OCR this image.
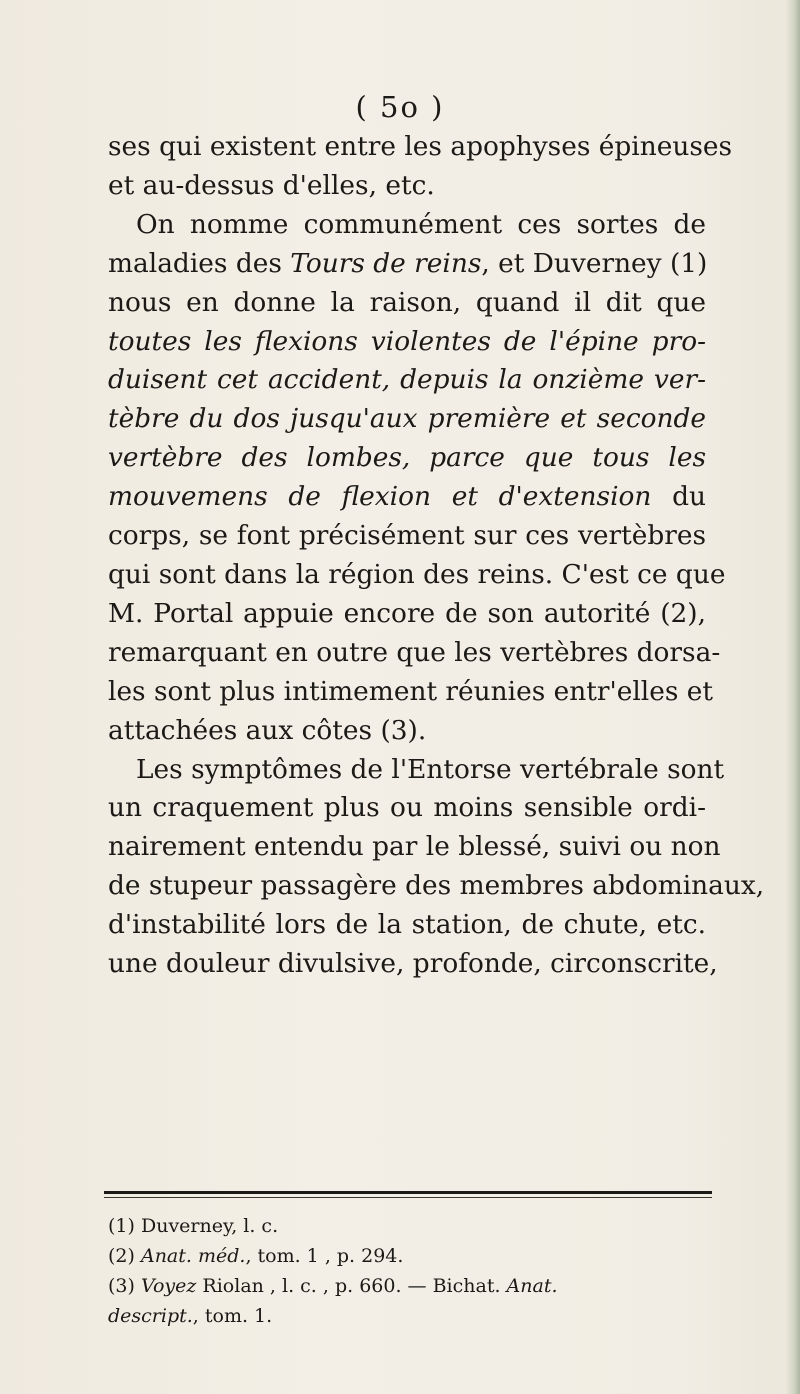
( 5o )
ses qui existent entre les apophyses épineuses
et au-dessus d'elles, etc.
On nomme communément ces sortes de
maladies des Tours de reins, et Duverney (1)
nous en donne la raison, quand il dit que
toutes les flexions violentes de l'épine pro-
duisent cet accident, depuis la onzième ver-
tèbre du dos jusqu'aux première et seconde
vertèbre des lombes, parce que tous les
mouvemens de flexion et d'extension du
corps, se font précisément sur ces vertèbres
qui sont dans la région des reins. C'est ce que
M. Portal appuie encore de son autorité (2),
remarquant en outre que les vertèbres dorsa-
les sont plus intimement réunies entr'elles et
attachées aux côtes (3).
Les symptômes de l'Entorse vertébrale sont
un craquement plus ou moins sensible ordi-
nairement entendu par le blessé, suivi ou non
de stupeur passagère des membres abdominaux,
d'instabilité lors de la station, de chute, etc.
une douleur divulsive, profonde, circonscrite,
(1) Duverney, l. c.
(2) Anat. méd., tom. 1 , p. 294.
(3) Voyez Riolan , l. c. , p. 660. — Bichat. Anat.
descript., tom. 1.
